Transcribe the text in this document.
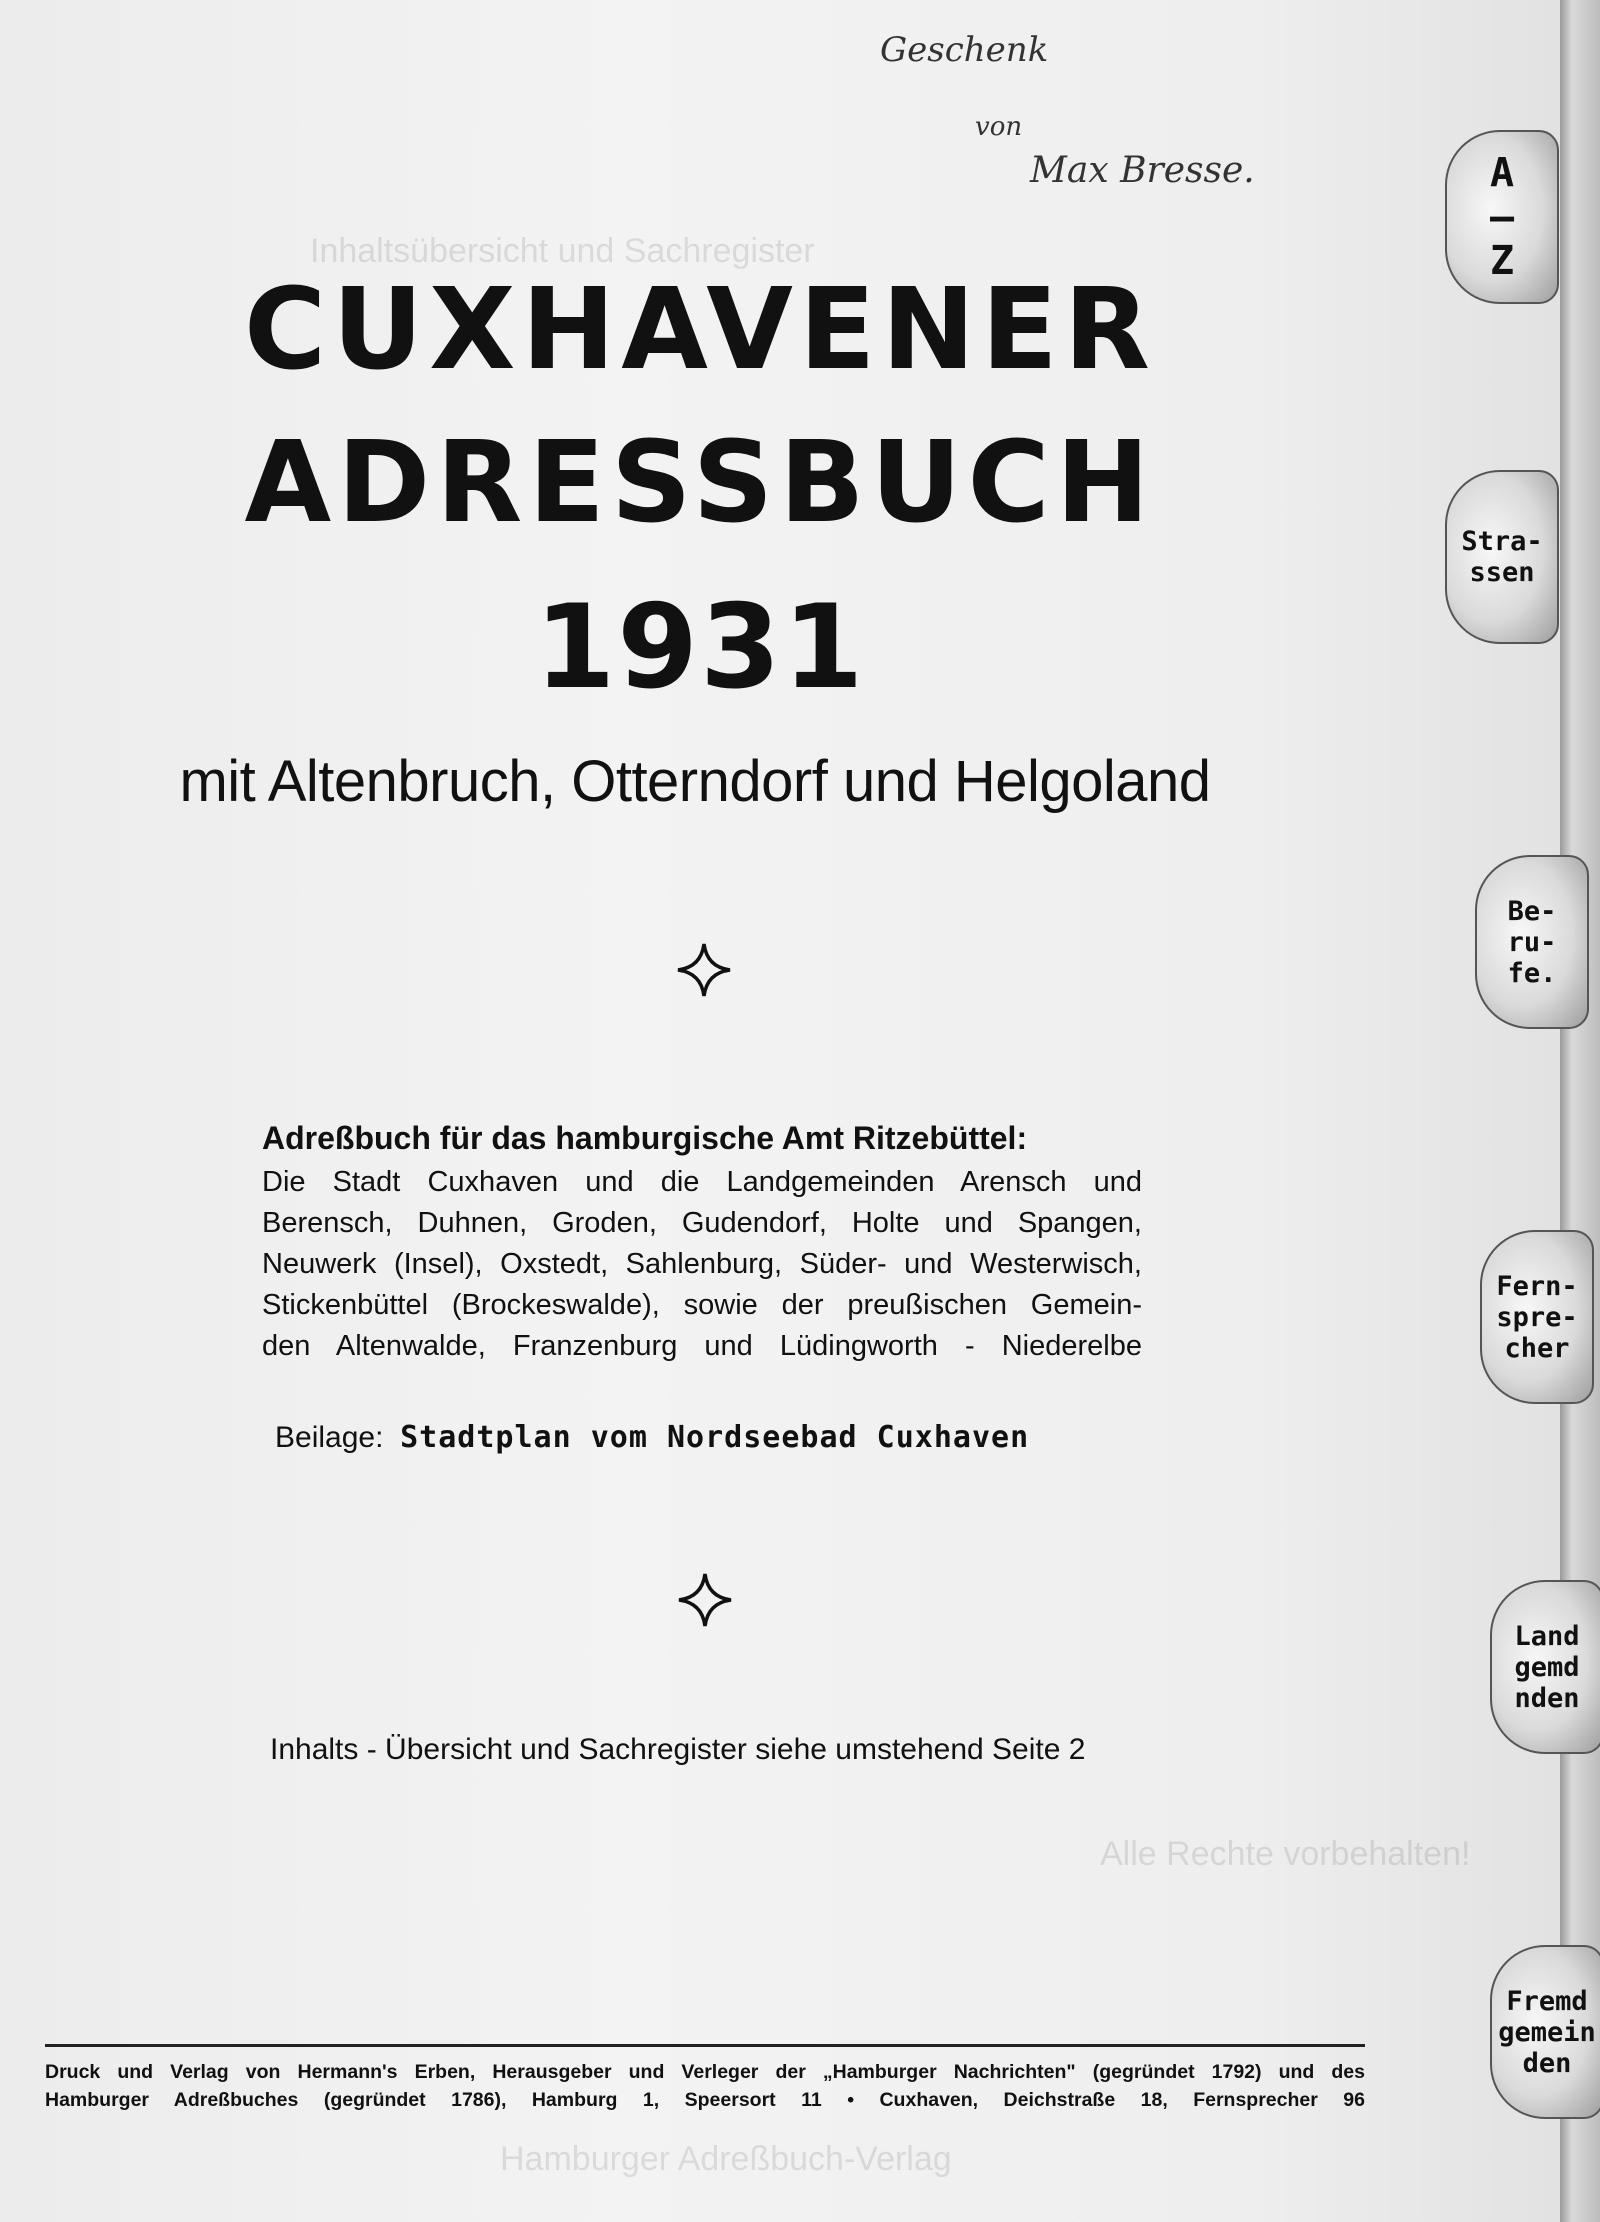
Inhaltsübersicht und Sachregister
Alle Rechte vorbehalten!
Hamburger Adreßbuch-Verlag
Geschenk
von
Max Bresse.
CUXHAVENER
ADRESSBUCH
1931
mit Altenbruch, Otterndorf und Helgoland
Adreßbuch für das hamburgische Amt Ritzebüttel:
Die Stadt Cuxhaven und die Landgemeinden Arensch und
Berensch, Duhnen, Groden, Gudendorf, Holte und Spangen,
Neuwerk (Insel), Oxstedt, Sahlenburg, Süder- und Westerwisch,
Stickenbüttel (Brockeswalde), sowie der preußischen Gemein-
den Altenwalde, Franzenburg und Lüdingworth - Niederelbe
Beilage: Stadtplan vom Nordseebad Cuxhaven
Inhalts - Übersicht und Sachregister siehe umstehend Seite 2
Druck und Verlag von Hermann's Erben, Herausgeber und Verleger der „Hamburger Nachrichten" (gegründet 1792) und des
Hamburger Adreßbuches (gegründet 1786), Hamburg 1, Speersort 11 • Cuxhaven, Deichstraße 18, Fernsprecher 96
A
–
Z
Stra-
ssen
Be-
ru-
fe.
Fern-
spre-
cher
Land
gemd
nden
Fremd
gemein
den
